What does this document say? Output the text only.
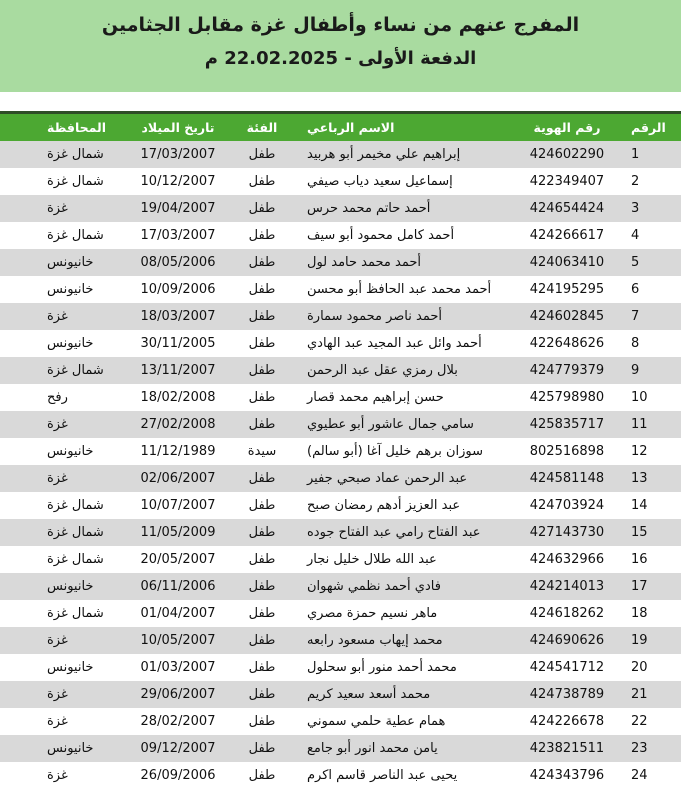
المفرج عنهم من نساء وأطفال غزة مقابل الجثامين
الدفعة الأولى - 22.02.2025 م
الرقم	رقم الهوية	الاسم الرباعي	الفئة	تاريخ الميلاد	المحافظة	
1	424602290	إبراهيم علي مخيمر أبو هربيد	طفل	17/03/2007	شمال غزة	
2	422349407	إسماعيل سعيد دياب صيفي	طفل	10/12/2007	شمال غزة	
3	424654424	أحمد حاتم محمد حرس	طفل	19/04/2007	غزة	
4	424266617	أحمد كامل محمود أبو سيف	طفل	17/03/2007	شمال غزة	
5	424063410	أحمد محمد حامد لول	طفل	08/05/2006	خانيونس	
6	424195295	أحمد محمد عبد الحافظ أبو محسن	طفل	10/09/2006	خانيونس	
7	424602845	أحمد ناصر محمود سمارة	طفل	18/03/2007	غزة	
8	422648626	أحمد وائل عبد المجيد عبد الهادي	طفل	30/11/2005	خانيونس	
9	424779379	بلال رمزي عقل عبد الرحمن	طفل	13/11/2007	شمال غزة	
10	425798980	حسن إبراهيم محمد قصار	طفل	18/02/2008	رفح	
11	425835717	سامي جمال عاشور أبو عطيوي	طفل	27/02/2008	غزة	
12	802516898	سوزان برهم خليل آغا (أبو سالم)	سيدة	11/12/1989	خانيونس	
13	424581148	عبد الرحمن عماد صبحي جفير	طفل	02/06/2007	غزة	
14	424703924	عبد العزيز أدهم رمضان صبح	طفل	10/07/2007	شمال غزة	
15	427143730	عبد الفتاح رامي عبد الفتاح جوده	طفل	11/05/2009	شمال غزة	
16	424632966	عبد الله طلال خليل نجار	طفل	20/05/2007	شمال غزة	
17	424214013	فادي أحمد نظمي شهوان	طفل	06/11/2006	خانيونس	
18	424618262	ماهر نسيم حمزة مصري	طفل	01/04/2007	شمال غزة	
19	424690626	محمد إيهاب مسعود رابعه	طفل	10/05/2007	غزة	
20	424541712	محمد أحمد منور أبو سحلول	طفل	01/03/2007	خانيونس	
21	424738789	محمد أسعد سعيد كريم	طفل	29/06/2007	غزة	
22	424226678	همام عطية حلمي سموني	طفل	28/02/2007	غزة	
23	423821511	يامن محمد انور أبو جامع	طفل	09/12/2007	خانيونس	
24	424343796	يحيى عبد الناصر قاسم اكرم	طفل	26/09/2006	غزة	
